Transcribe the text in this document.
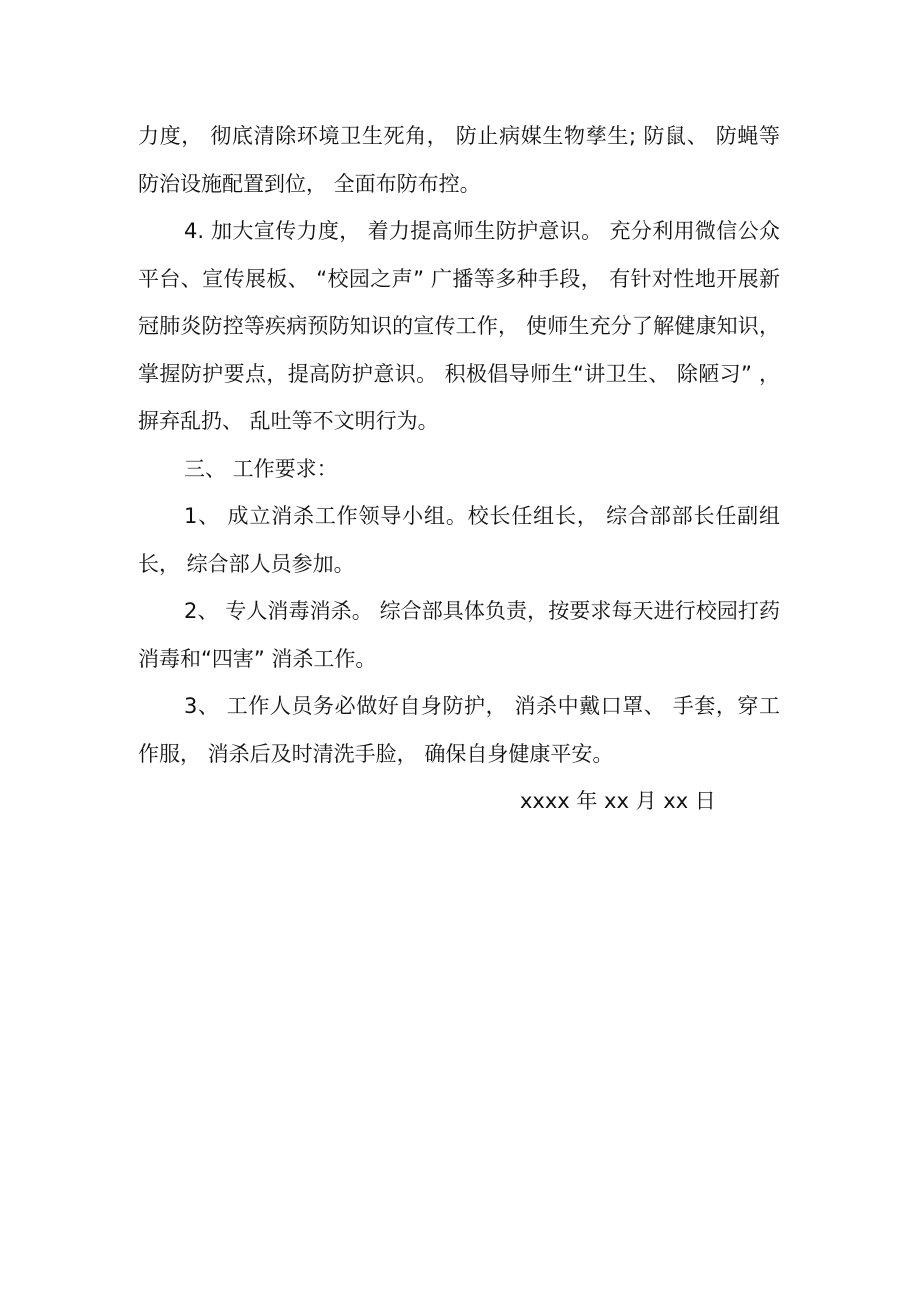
力度， 彻底清除环境卫生死角， 防止病媒生物孳生; 防鼠、 防蝇等防治设施配置到位， 全面布防布控。

4. 加大宣传力度， 着力提高师生防护意识。 充分利用微信公众平台、宣传展板、 “校园之声” 广播等多种手段， 有针对性地开展新冠肺炎防控等疾病预防知识的宣传工作， 使师生充分了解健康知识， 掌握防护要点，提高防护意识。 积极倡导师生“讲卫生、 除陋习” ， 摒弃乱扔、 乱吐等不文明行为。

三、 工作要求：

1、 成立消杀工作领导小组。校长任组长， 综合部部长任副组长， 综合部人员参加。

2、 专人消毒消杀。 综合部具体负责，按要求每天进行校园打药消毒和“四害” 消杀工作。

3、 工作人员务必做好自身防护， 消杀中戴口罩、 手套，穿工作服， 消杀后及时清洗手脸， 确保自身健康平安。

xxxx 年 xx 月 xx 日
